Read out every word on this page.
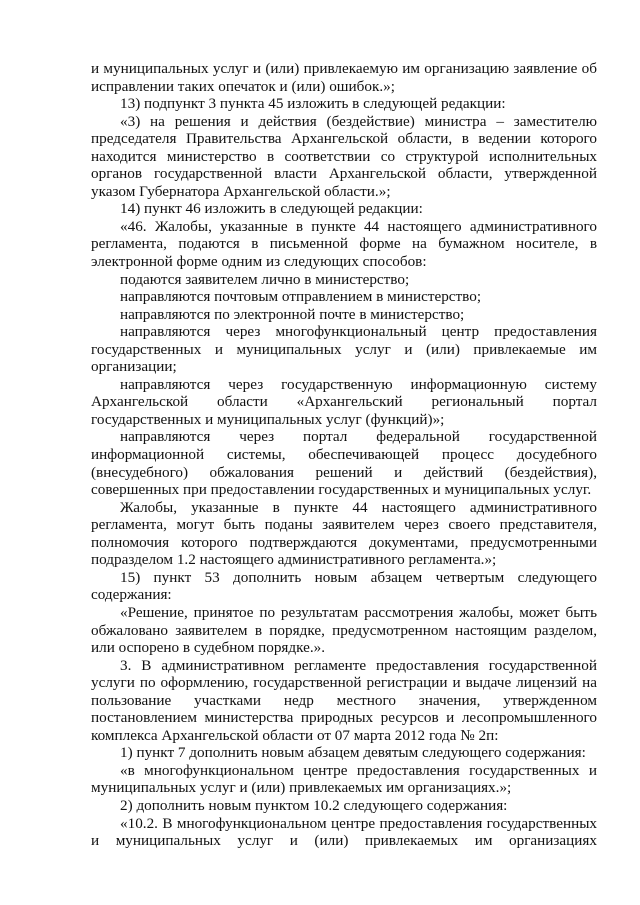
и муниципальных услуг и (или) привлекаемую им организацию заявление об исправлении таких опечаток и (или) ошибок.»;

13) подпункт 3 пункта 45 изложить в следующей редакции:

«3) на решения и действия (бездействие) министра – заместителю председателя Правительства Архангельской области, в ведении которого находится министерство в соответствии со структурой исполнительных органов государственной власти Архангельской области, утвержденной указом Губернатора Архангельской области.»;

14) пункт 46 изложить в следующей редакции:

«46. Жалобы, указанные в пункте 44 настоящего административного регламента, подаются в письменной форме на бумажном носителе, в электронной форме одним из следующих способов:

подаются заявителем лично в министерство;

направляются почтовым отправлением в министерство;

направляются по электронной почте в министерство;

направляются через многофункциональный центр предоставления государственных и муниципальных услуг и (или) привлекаемые им организации;

направляются через государственную информационную систему Архангельской области «Архангельский региональный портал государственных и муниципальных услуг (функций)»;

направляются через портал федеральной государственной информационной системы, обеспечивающей процесс досудебного (внесудебного) обжалования решений и действий (бездействия), совершенных при предоставлении государственных и муниципальных услуг.

Жалобы, указанные в пункте 44 настоящего административного регламента, могут быть поданы заявителем через своего представителя, полномочия которого подтверждаются документами, предусмотренными подразделом 1.2 настоящего административного регламента.»;

15) пункт 53 дополнить новым абзацем четвертым следующего содержания:

«Решение, принятое по результатам рассмотрения жалобы, может быть обжаловано заявителем в порядке, предусмотренном настоящим разделом, или оспорено в судебном порядке.».

3. В административном регламенте предоставления государственной услуги по оформлению, государственной регистрации и выдаче лицензий на пользование участками недр местного значения, утвержденном постановлением министерства природных ресурсов и лесопромышленного комплекса Архангельской области от 07 марта 2012 года № 2п:

1) пункт 7 дополнить новым абзацем девятым следующего содержания:

«в многофункциональном центре предоставления государственных и муниципальных услуг и (или) привлекаемых им организациях.»;

2) дополнить новым пунктом 10.2 следующего содержания:

«10.2. В многофункциональном центре предоставления государственных и муниципальных услуг и (или) привлекаемых им организациях
